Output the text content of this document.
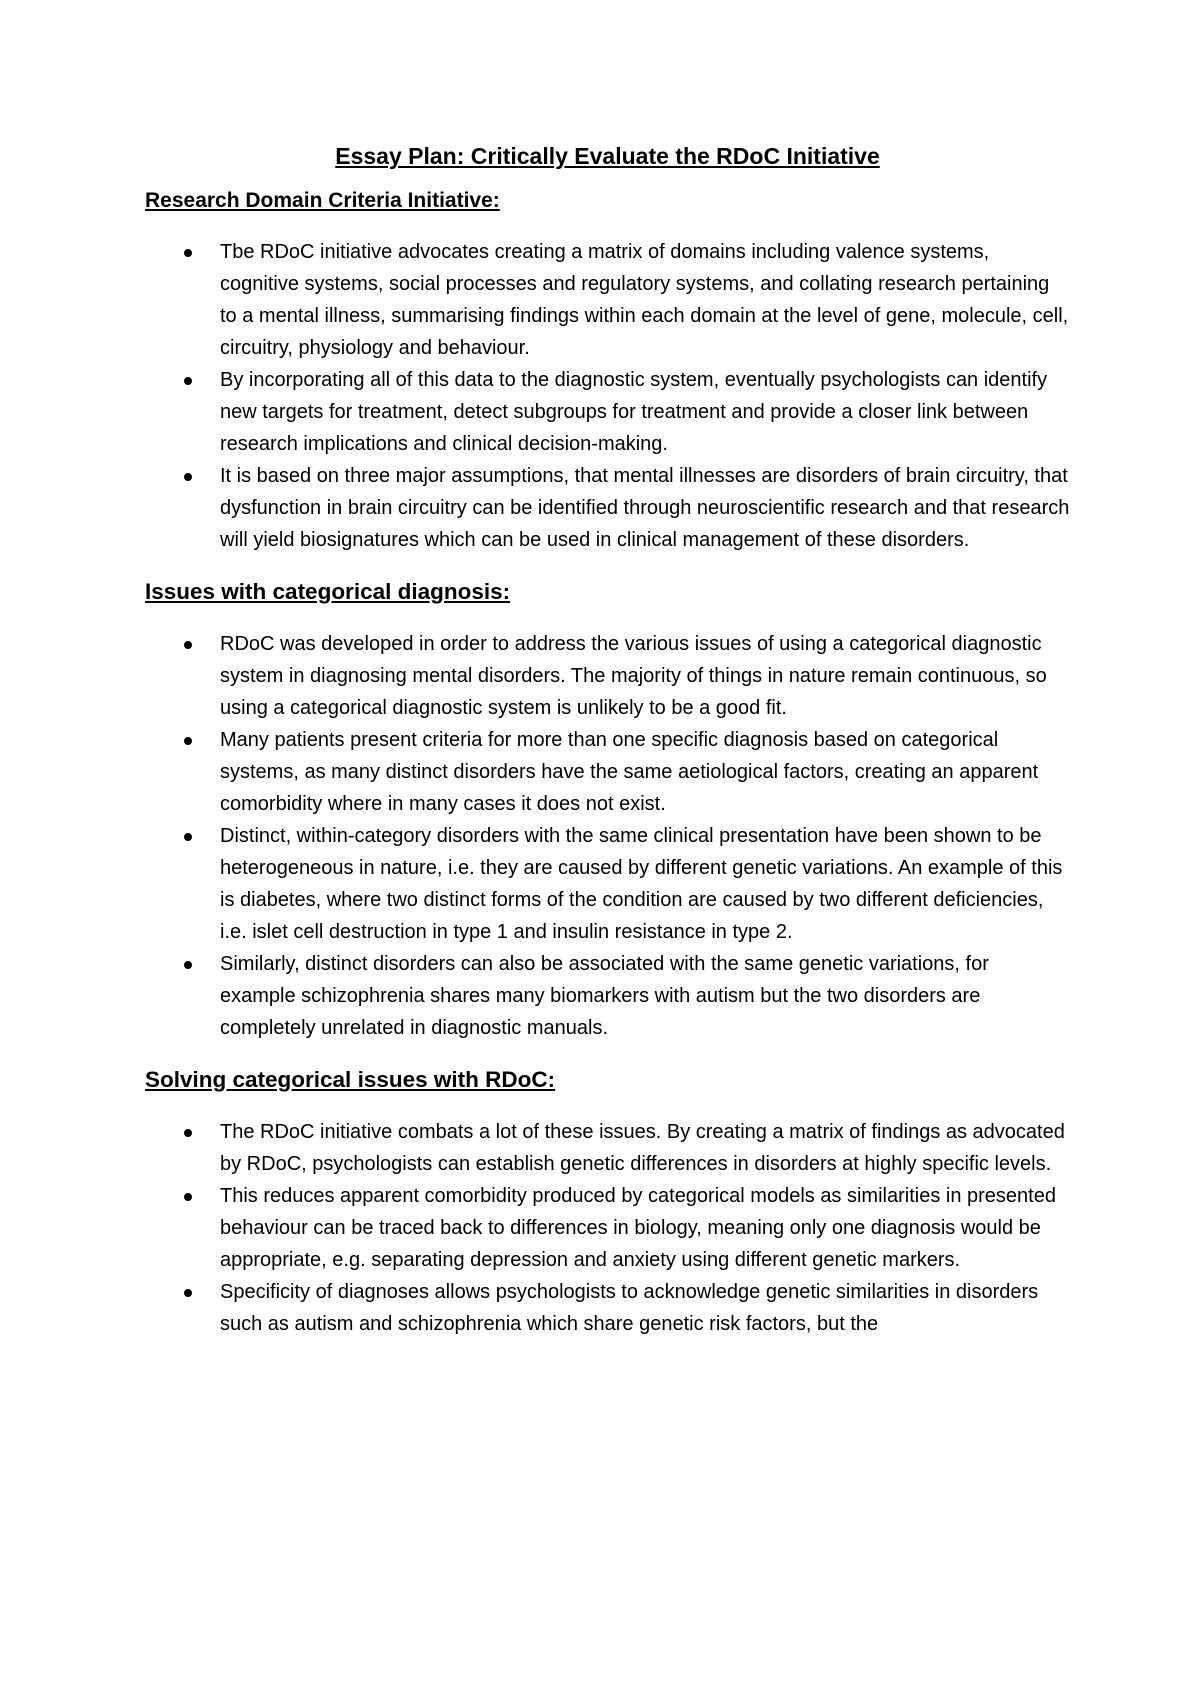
Essay Plan: Critically Evaluate the RDoC Initiative
Research Domain Criteria Initiative:
Tbe RDoC initiative advocates creating a matrix of domains including valence systems, cognitive systems, social processes and regulatory systems, and collating research pertaining to a mental illness, summarising findings within each domain at the level of gene, molecule, cell, circuitry, physiology and behaviour.
By incorporating all of this data to the diagnostic system, eventually psychologists can identify new targets for treatment, detect subgroups for treatment and provide a closer link between research implications and clinical decision-making.
It is based on three major assumptions, that mental illnesses are disorders of brain circuitry, that dysfunction in brain circuitry can be identified through neuroscientific research and that research will yield biosignatures which can be used in clinical management of these disorders.
Issues with categorical diagnosis:
RDoC was developed in order to address the various issues of using a categorical diagnostic system in diagnosing mental disorders. The majority of things in nature remain continuous, so using a categorical diagnostic system is unlikely to be a good fit.
Many patients present criteria for more than one specific diagnosis based on categorical systems, as many distinct disorders have the same aetiological factors, creating an apparent comorbidity where in many cases it does not exist.
Distinct, within-category disorders with the same clinical presentation have been shown to be heterogeneous in nature, i.e. they are caused by different genetic variations. An example of this is diabetes, where two distinct forms of the condition are caused by two different deficiencies, i.e. islet cell destruction in type 1 and insulin resistance in type 2.
Similarly, distinct disorders can also be associated with the same genetic variations, for example schizophrenia shares many biomarkers with autism but the two disorders are completely unrelated in diagnostic manuals.
Solving categorical issues with RDoC:
The RDoC initiative combats a lot of these issues. By creating a matrix of findings as advocated by RDoC, psychologists can establish genetic differences in disorders at highly specific levels.
This reduces apparent comorbidity produced by categorical models as similarities in presented behaviour can be traced back to differences in biology, meaning only one diagnosis would be appropriate, e.g. separating depression and anxiety using different genetic markers.
Specificity of diagnoses allows psychologists to acknowledge genetic similarities in disorders such as autism and schizophrenia which share genetic risk factors, but the
